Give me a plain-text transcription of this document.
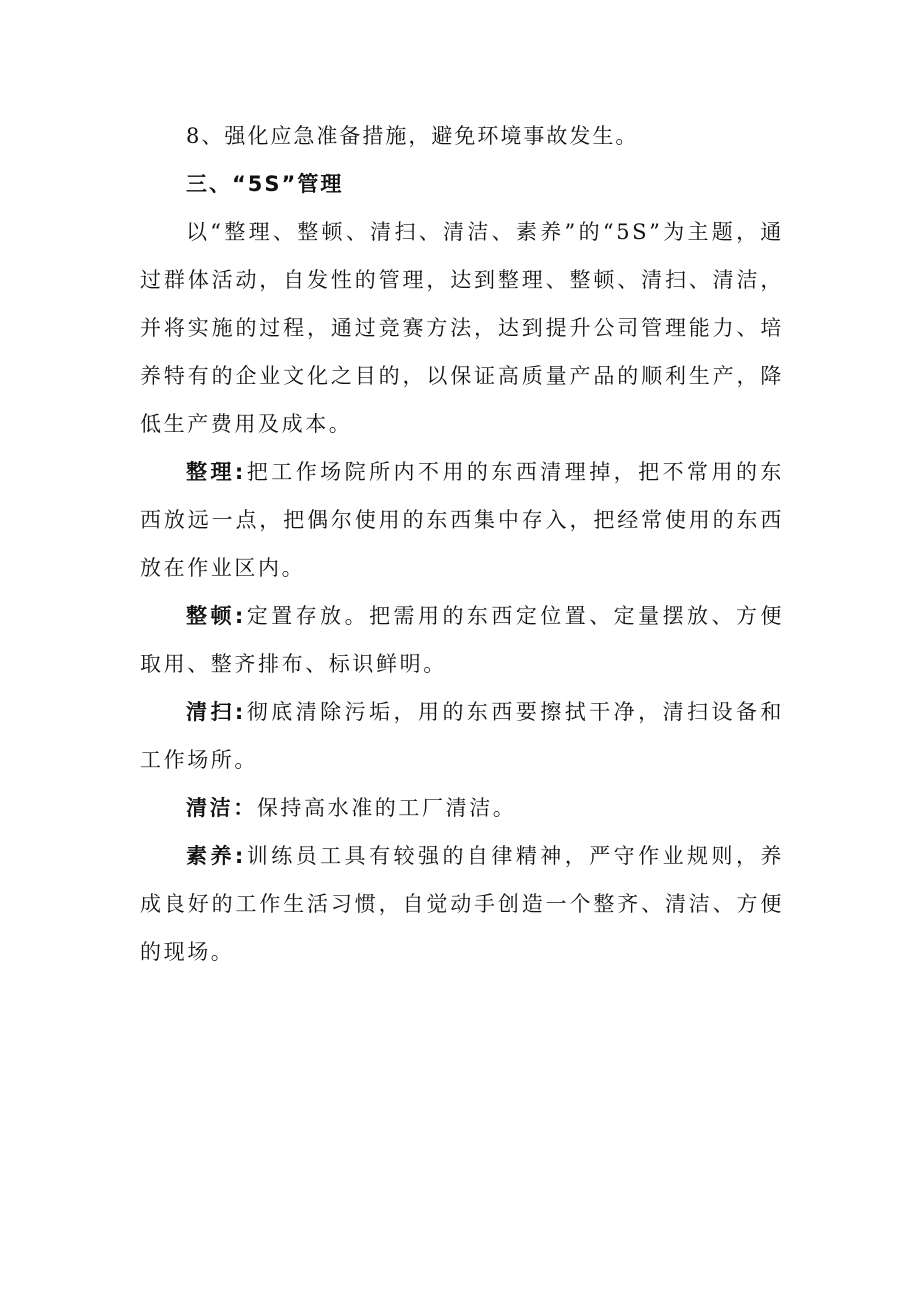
8、强化应急准备措施，避免环境事故发生。

三、“5S”管理

以“整理、整顿、清扫、清洁、素养”的“5S”为主题，通过群体活动，自发性的管理，达到整理、整顿、清扫、清洁，并将实施的过程，通过竞赛方法，达到提升公司管理能力、培养特有的企业文化之目的，以保证高质量产品的顺利生产，降低生产费用及成本。

整理:把工作场院所内不用的东西清理掉，把不常用的东西放远一点，把偶尔使用的东西集中存入，把经常使用的东西放在作业区内。

整顿:定置存放。把需用的东西定位置、定量摆放、方便取用、整齐排布、标识鲜明。

清扫:彻底清除污垢，用的东西要擦拭干净，清扫设备和工作场所。

清洁：保持高水准的工厂清洁。

素养:训练员工具有较强的自律精神，严守作业规则，养成良好的工作生活习惯，自觉动手创造一个整齐、清洁、方便的现场。
